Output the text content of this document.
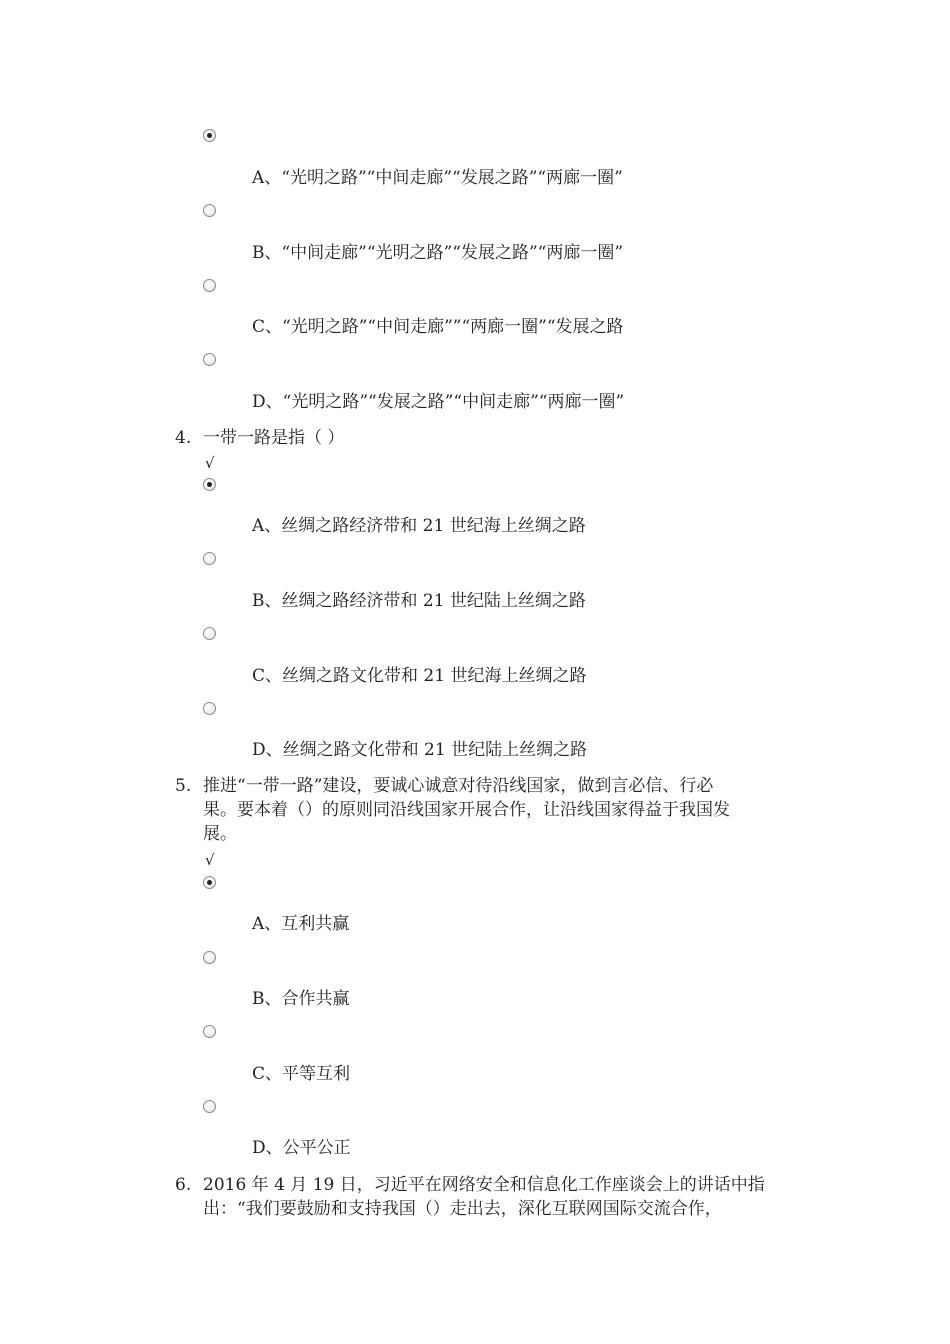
A、“光明之路”“中间走廊”“发展之路”“两廊一圈”
B、“中间走廊”“光明之路”“发展之路”“两廊一圈”
C、“光明之路”“中间走廊””“两廊一圈”“发展之路
D、“光明之路”“发展之路”“中间走廊”“两廊一圈”
4. 一带一路是指（ ）
√
A、丝绸之路经济带和 21 世纪海上丝绸之路
B、丝绸之路经济带和 21 世纪陆上丝绸之路
C、丝绸之路文化带和 21 世纪海上丝绸之路
D、丝绸之路文化带和 21 世纪陆上丝绸之路
5. 推进“一带一路”建设，要诚心诚意对待沿线国家，做到言必信、行必
果。要本着（）的原则同沿线国家开展合作，让沿线国家得益于我国发
展。
√
A、互利共赢
B、合作共赢
C、平等互利
D、公平公正
6. 2016 年 4 月 19 日，习近平在网络安全和信息化工作座谈会上的讲话中指
出：“我们要鼓励和支持我国（）走出去，深化互联网国际交流合作，
